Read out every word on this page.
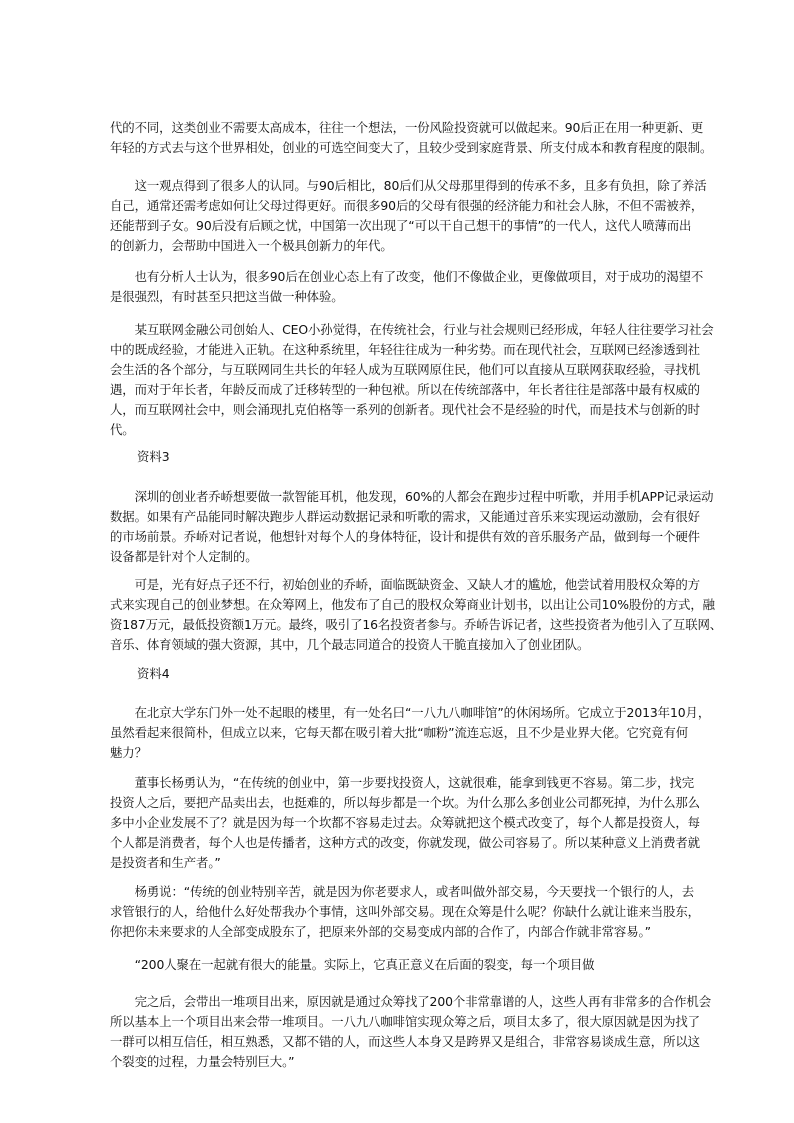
代的不同，这类创业不需要太高成本，往往一个想法，一份风险投资就可以做起来。90后正在用一种更新、更
年轻的方式去与这个世界相处，创业的可选空间变大了，且较少受到家庭背景、所支付成本和教育程度的限制。
　　这一观点得到了很多人的认同。与90后相比，80后们从父母那里得到的传承不多，且多有负担，除了养活
自己，通常还需考虑如何让父母过得更好。而很多90后的父母有很强的经济能力和社会人脉，不但不需被养，
还能帮到子女。90后没有后顾之忧，中国第一次出现了“可以干自己想干的事情”的一代人，这代人喷薄而出
的创新力，会帮助中国进入一个极具创新力的年代。
　　也有分析人士认为，很多90后在创业心态上有了改变，他们不像做企业，更像做项目，对于成功的渴望不
是很强烈，有时甚至只把这当做一种体验。
　　某互联网金融公司创始人、CEO小孙觉得，在传统社会，行业与社会规则已经形成，年轻人往往要学习社会
中的既成经验，才能进入正轨。在这种系统里，年轻往往成为一种劣势。而在现代社会，互联网已经渗透到社
会生活的各个部分，与互联网同生共长的年轻人成为互联网原住民，他们可以直接从互联网获取经验，寻找机
遇，而对于年长者，年龄反而成了迁移转型的一种包袱。所以在传统部落中，年长者往往是部落中最有权威的
人，而互联网社会中，则会涌现扎克伯格等一系列的创新者。现代社会不是经验的时代，而是技术与创新的时
代。
资料3
　　深圳的创业者乔峤想要做一款智能耳机，他发现，60%的人都会在跑步过程中听歌，并用手机APP记录运动
数据。如果有产品能同时解决跑步人群运动数据记录和听歌的需求，又能通过音乐来实现运动激励，会有很好
的市场前景。乔峤对记者说，他想针对每个人的身体特征，设计和提供有效的音乐服务产品，做到每一个硬件
设备都是针对个人定制的。
　　可是，光有好点子还不行，初始创业的乔峤，面临既缺资金、又缺人才的尴尬，他尝试着用股权众筹的方
式来实现自己的创业梦想。在众筹网上，他发布了自己的股权众筹商业计划书，以出让公司10%股份的方式，融
资187万元，最低投资额1万元。最终，吸引了16名投资者参与。乔峤告诉记者，这些投资者为他引入了互联网、
音乐、体育领域的强大资源，其中，几个最志同道合的投资人干脆直接加入了创业团队。
资料4
　　在北京大学东门外一处不起眼的楼里，有一处名曰“一八九八咖啡馆”的休闲场所。它成立于2013年10月，
虽然看起来很简朴，但成立以来，它每天都在吸引着大批“咖粉”流连忘返，且不少是业界大佬。它究竟有何
魅力？
　　董事长杨勇认为，“在传统的创业中，第一步要找投资人，这就很难，能拿到钱更不容易。第二步，找完
投资人之后，要把产品卖出去，也挺难的，所以每步都是一个坎。为什么那么多创业公司都死掉，为什么那么
多中小企业发展不了？就是因为每一个坎都不容易走过去。众筹就把这个模式改变了，每个人都是投资人，每
个人都是消费者，每个人也是传播者，这种方式的改变，你就发现，做公司容易了。所以某种意义上消费者就
是投资者和生产者。”
　　杨勇说：“传统的创业特别辛苦，就是因为你老要求人，或者叫做外部交易，今天要找一个银行的人，去
求管银行的人，给他什么好处帮我办个事情，这叫外部交易。现在众筹是什么呢？你缺什么就让谁来当股东，
你把你未来要求的人全部变成股东了，把原来外部的交易变成内部的合作了，内部合作就非常容易。”
　　“200人聚在一起就有很大的能量。实际上，它真正意义在后面的裂变，每一个项目做
　　完之后，会带出一堆项目出来，原因就是通过众筹找了200个非常靠谱的人，这些人再有非常多的合作机会
所以基本上一个项目出来会带一堆项目。一八九八咖啡馆实现众筹之后，项目太多了，很大原因就是因为找了
一群可以相互信任，相互熟悉，又都不错的人，而这些人本身又是跨界又是组合，非常容易谈成生意，所以这
个裂变的过程，力量会特别巨大。”
